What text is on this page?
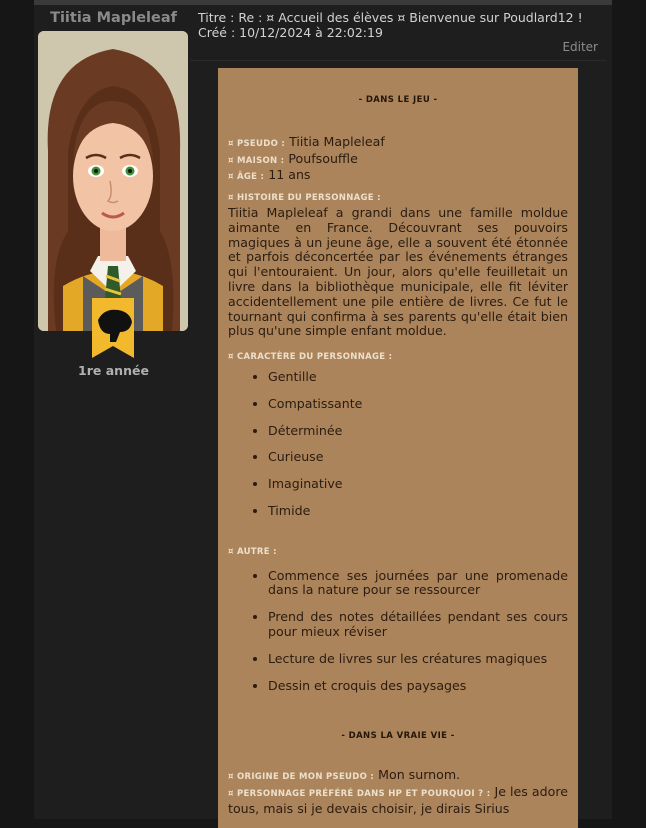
Tiitia Mapleleaf
1re année
Titre : Re : ¤ Accueil des élèves ¤ Bienvenue sur Poudlard12 !
Créé : 10/12/2024 à 22:02:19
Editer
- DANS LE JEU -
¤ PSEUDO : Tiitia Mapleleaf
¤ MAISON : Poufsouffle
¤ ÂGE : 11 ans
¤ HISTOIRE DU PERSONNAGE :
Tiitia Mapleleaf a grandi dans une famille moldue aimante en France. Découvrant ses pouvoirs magiques à un jeune âge, elle a souvent été étonnée et parfois déconcertée par les événements étranges qui l'entouraient. Un jour, alors qu'elle feuilletait un livre dans la bibliothèque municipale, elle fit léviter accidentellement une pile entière de livres. Ce fut le tournant qui confirma à ses parents qu'elle était bien plus qu'une simple enfant moldue.
¤ CARACTÈRE DU PERSONNAGE :
• Gentille
• Compatissante
• Déterminée
• Curieuse
• Imaginative
• Timide
¤ AUTRE :
• Commence ses journées par une promenade dans la nature pour se ressourcer
• Prend des notes détaillées pendant ses cours pour mieux réviser
• Lecture de livres sur les créatures magiques
• Dessin et croquis des paysages
- DANS LA VRAIE VIE -
¤ ORIGINE DE MON PSEUDO : Mon surnom.
¤ PERSONNAGE PRÉFÉRÉ DANS HP ET POURQUOI ? : Je les adore tous, mais si je devais choisir, je dirais Sirius
